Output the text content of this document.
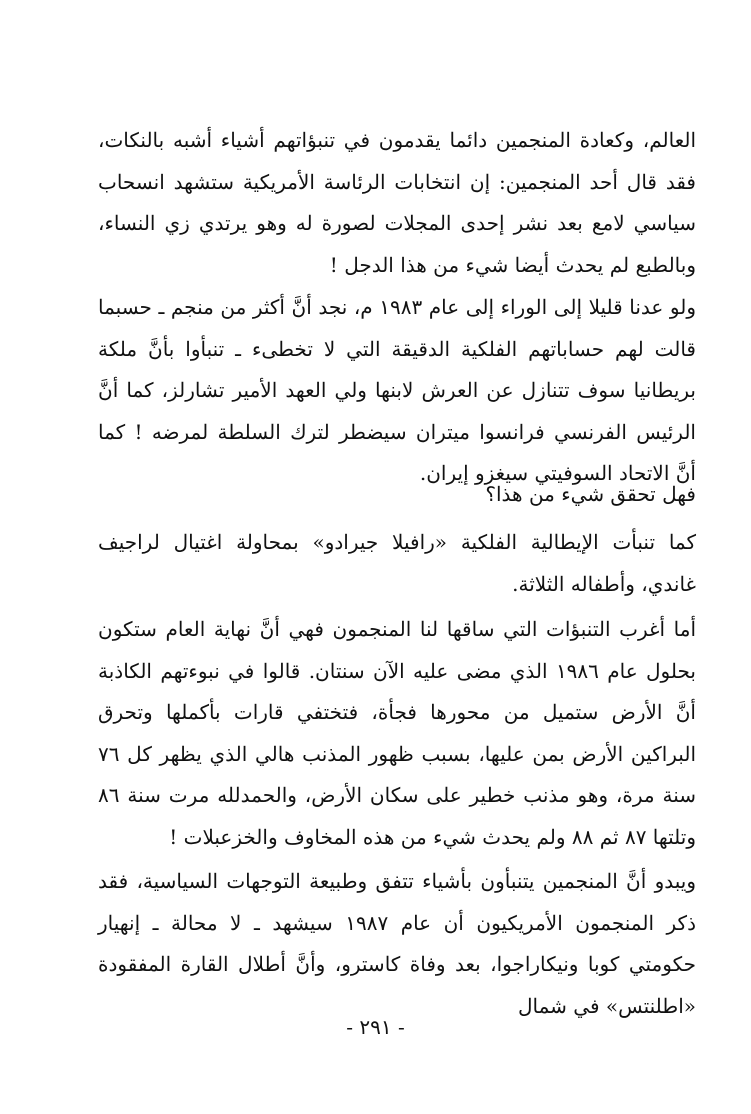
العالم، وكعادة المنجمين دائما يقدمون في تنبؤاتهم أشياء أشبه بالنكات، فقد قال أحد المنجمين: إن انتخابات الرئاسة الأمريكية ستشهد انسحاب سياسي لامع بعد نشر إحدى المجلات لصورة له وهو يرتدي زي النساء، وبالطبع لم يحدث أيضا شيء من هذا الدجل !

ولو عدنا قليلا إلى الوراء إلى عام ١٩٨٣ م، نجد أنَّ أكثر من منجم ـ حسبما قالت لهم حساباتهم الفلكية الدقيقة التي لا تخطىء ـ تنبأوا بأنَّ ملكة بريطانيا سوف تتنازل عن العرش لابنها ولي العهد الأمير تشارلز، كما أنَّ الرئيس الفرنسي فرانسوا ميتران سيضطر لترك السلطة لمرضه ! كما أنَّ الاتحاد السوفيتي سيغزو إيران.

فهل تحقق شيء من هذا؟

كما تنبأت الإيطالية الفلكية «رافيلا جيرادو» بمحاولة اغتيال لراجيف غاندي، وأطفاله الثلاثة.

أما أغرب التنبؤات التي ساقها لنا المنجمون فهي أنَّ نهاية العام ستكون بحلول عام ١٩٨٦ الذي مضى عليه الآن سنتان. قالوا في نبوءتهم الكاذبة أنَّ الأرض ستميل من محورها فجأة، فتختفي قارات بأكملها وتحرق البراكين الأرض بمن عليها، بسبب ظهور المذنب هالي الذي يظهر كل ٧٦ سنة مرة، وهو مذنب خطير على سكان الأرض، والحمدلله مرت سنة ٨٦ وتلتها ٨٧ ثم ٨٨ ولم يحدث شيء من هذه المخاوف والخزعبلات !

ويبدو أنَّ المنجمين يتنبأون بأشياء تتفق وطبيعة التوجهات السياسية، فقد ذكر المنجمون الأمريكيون أن عام ١٩٨٧ سيشهد ـ لا محالة ـ إنهيار حكومتي كوبا ونيكاراجوا، بعد وفاة كاسترو، وأنَّ أطلال القارة المفقودة «اطلنتس» في شمال

- ٢٩١ -
